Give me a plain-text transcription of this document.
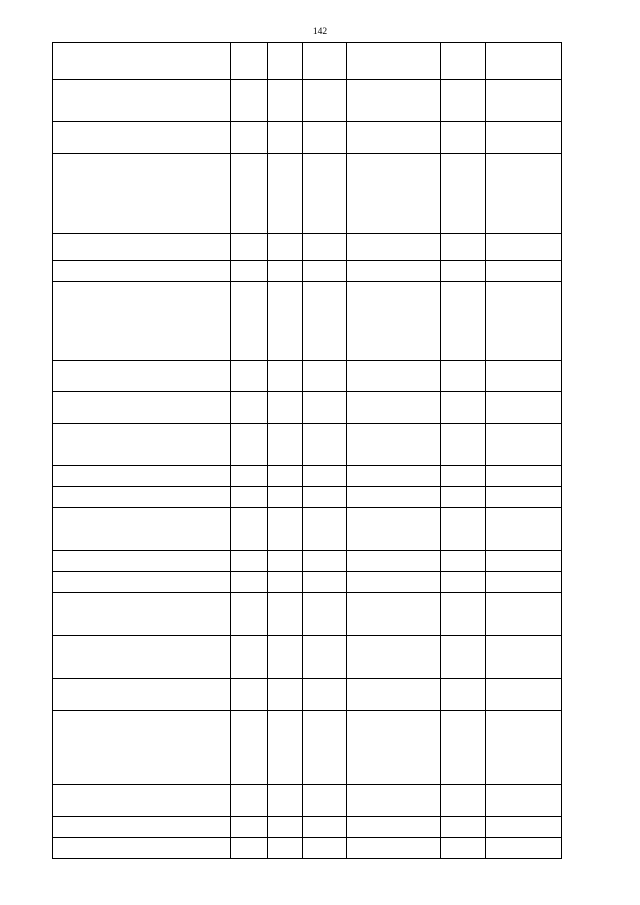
142
